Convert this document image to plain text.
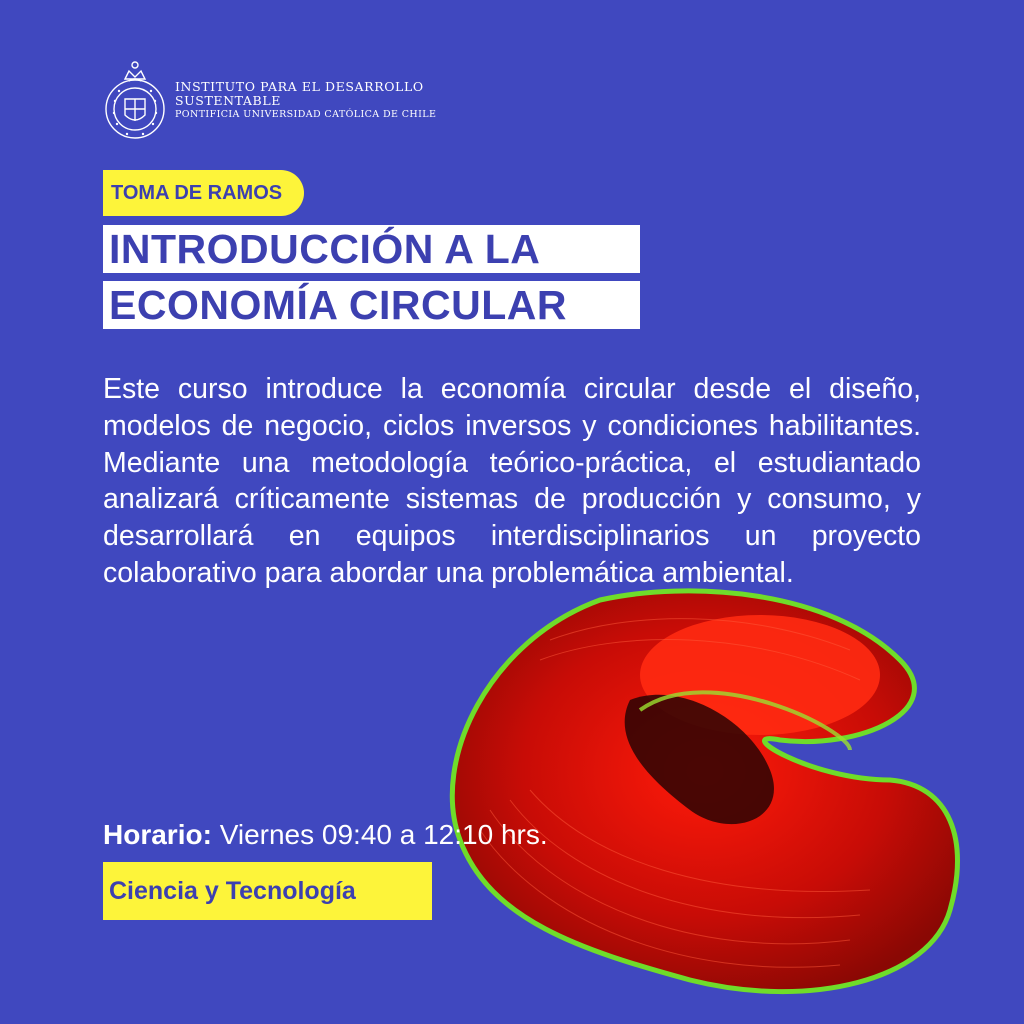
INSTITUTO PARA EL DESARROLLO
SUSTENTABLE
PONTIFICIA UNIVERSIDAD CATÓLICA DE CHILE
TOMA DE RAMOS
INTRODUCCIÓN A LA
ECONOMÍA CIRCULAR
Este curso introduce la economía circular desde el diseño, modelos de negocio, ciclos inversos y condiciones habilitantes. Mediante una metodología teórico-práctica, el estudiantado analizará críticamente sistemas de producción y consumo, y desarrollará en equipos interdisciplinarios un proyecto colaborativo para abordar una problemática ambiental.
Horario: Viernes 09:40 a 12:10 hrs.
Ciencia y Tecnología
